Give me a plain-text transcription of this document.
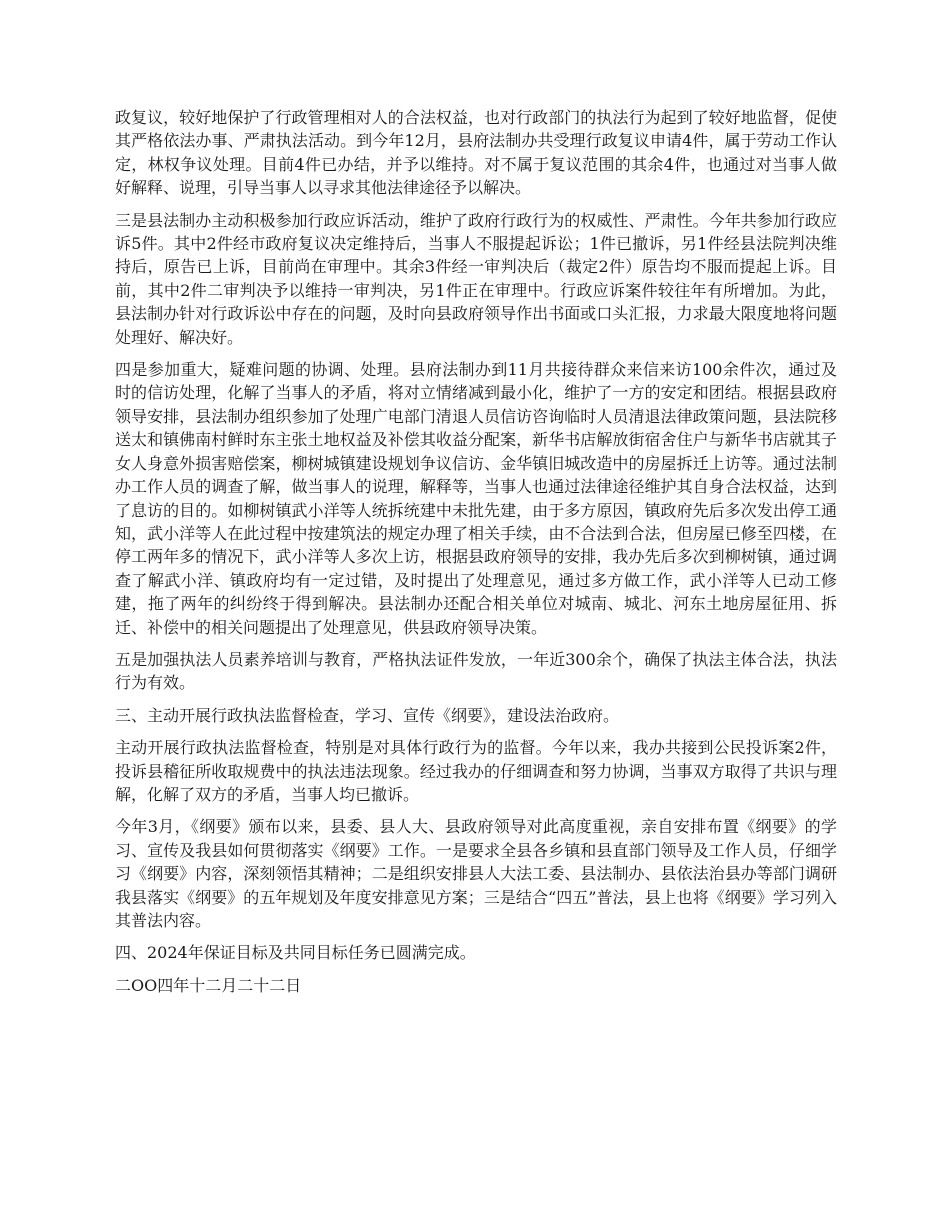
政复议，较好地保护了行政管理相对人的合法权益，也对行政部门的执法行为起到了较好地监督，促使其严格依法办事、严肃执法活动。到今年12月，县府法制办共受理行政复议申请4件，属于劳动工作认定，林权争议处理。目前4件已办结，并予以维持。对不属于复议范围的其余4件，也通过对当事人做好解释、说理，引导当事人以寻求其他法律途径予以解决。

三是县法制办主动积极参加行政应诉活动，维护了政府行政行为的权威性、严肃性。今年共参加行政应诉5件。其中2件经市政府复议决定维持后，当事人不服提起诉讼；1件已撤诉，另1件经县法院判决维持后，原告已上诉，目前尚在审理中。其余3件经一审判决后（裁定2件）原告均不服而提起上诉。目前，其中2件二审判决予以维持一审判决，另1件正在审理中。行政应诉案件较往年有所增加。为此，县法制办针对行政诉讼中存在的问题，及时向县政府领导作出书面或口头汇报，力求最大限度地将问题处理好、解决好。

四是参加重大，疑难问题的协调、处理。县府法制办到11月共接待群众来信来访100余件次，通过及时的信访处理，化解了当事人的矛盾，将对立情绪减到最小化，维护了一方的安定和团结。根据县政府领导安排，县法制办组织参加了处理广电部门清退人员信访咨询临时人员清退法律政策问题，县法院移送太和镇佛南村鲜时东主张土地权益及补偿其收益分配案，新华书店解放街宿舍住户与新华书店就其子女人身意外损害赔偿案，柳树城镇建设规划争议信访、金华镇旧城改造中的房屋拆迁上访等。通过法制办工作人员的调查了解，做当事人的说理，解释等，当事人也通过法律途径维护其自身合法权益，达到了息访的目的。如柳树镇武小洋等人统拆统建中未批先建，由于多方原因，镇政府先后多次发出停工通知，武小洋等人在此过程中按建筑法的规定办理了相关手续，由不合法到合法，但房屋已修至四楼，在停工两年多的情况下，武小洋等人多次上访，根据县政府领导的安排，我办先后多次到柳树镇，通过调查了解武小洋、镇政府均有一定过错，及时提出了处理意见，通过多方做工作，武小洋等人已动工修建，拖了两年的纠纷终于得到解决。县法制办还配合相关单位对城南、城北、河东土地房屋征用、拆迁、补偿中的相关问题提出了处理意见，供县政府领导决策。

五是加强执法人员素养培训与教育，严格执法证件发放，一年近300余个，确保了执法主体合法，执法行为有效。

三、主动开展行政执法监督检查，学习、宣传《纲要》，建设法治政府。

主动开展行政执法监督检查，特别是对具体行政行为的监督。今年以来，我办共接到公民投诉案2件，投诉县稽征所收取规费中的执法违法现象。经过我办的仔细调查和努力协调，当事双方取得了共识与理解，化解了双方的矛盾，当事人均已撤诉。

今年3月，《纲要》颁布以来，县委、县人大、县政府领导对此高度重视，亲自安排布置《纲要》的学习、宣传及我县如何贯彻落实《纲要》工作。一是要求全县各乡镇和县直部门领导及工作人员，仔细学习《纲要》内容，深刻领悟其精神；二是组织安排县人大法工委、县法制办、县依法治县办等部门调研我县落实《纲要》的五年规划及年度安排意见方案；三是结合“四五”普法，县上也将《纲要》学习列入其普法内容。

四、2024年保证目标及共同目标任务已圆满完成。

二OO四年十二月二十二日
